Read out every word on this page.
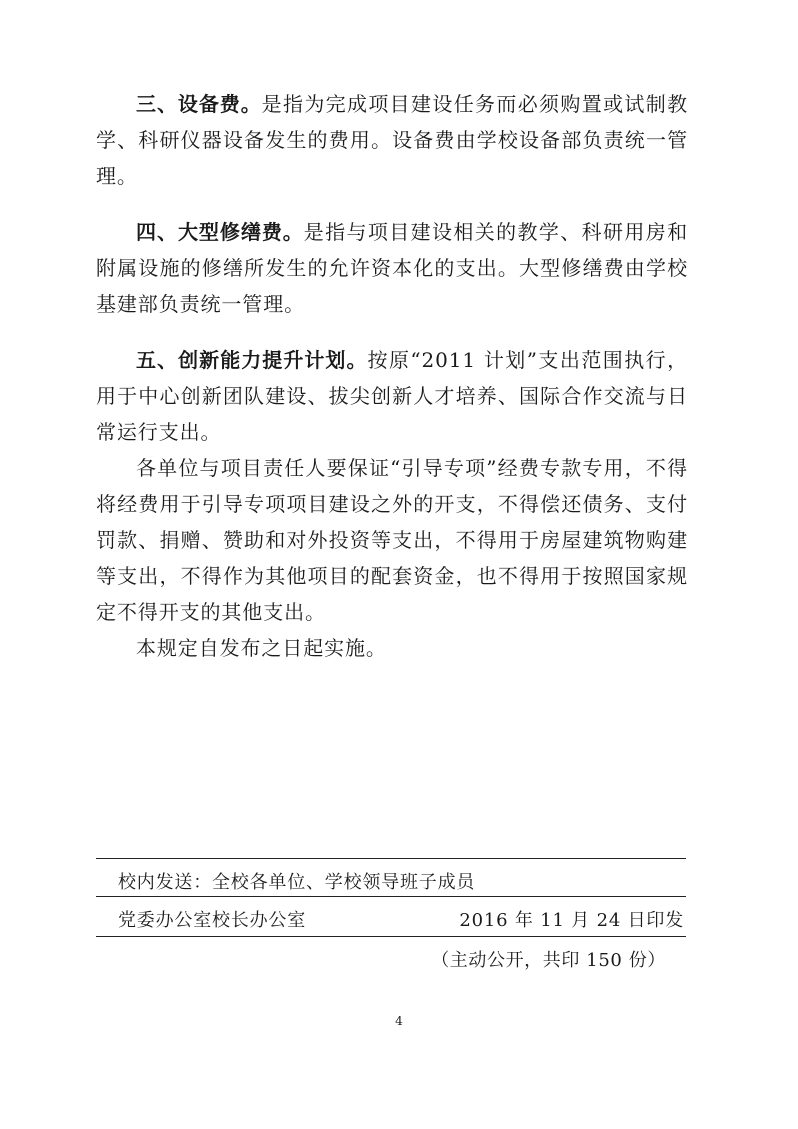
三、设备费。是指为完成项目建设任务而必须购置或试制教学、科研仪器设备发生的费用。设备费由学校设备部负责统一管理。

四、大型修缮费。是指与项目建设相关的教学、科研用房和附属设施的修缮所发生的允许资本化的支出。大型修缮费由学校基建部负责统一管理。

五、创新能力提升计划。按原“2011 计划”支出范围执行，用于中心创新团队建设、拔尖创新人才培养、国际合作交流与日常运行支出。

各单位与项目责任人要保证“引导专项”经费专款专用，不得将经费用于引导专项项目建设之外的开支，不得偿还债务、支付罚款、捐赠、赞助和对外投资等支出，不得用于房屋建筑物购建等支出，不得作为其他项目的配套资金，也不得用于按照国家规定不得开支的其他支出。

本规定自发布之日起实施。

校内发送：全校各单位、学校领导班子成员
党委办公室校长办公室	2016 年 11 月 24 日印发
（主动公开，共印 150 份）
4
